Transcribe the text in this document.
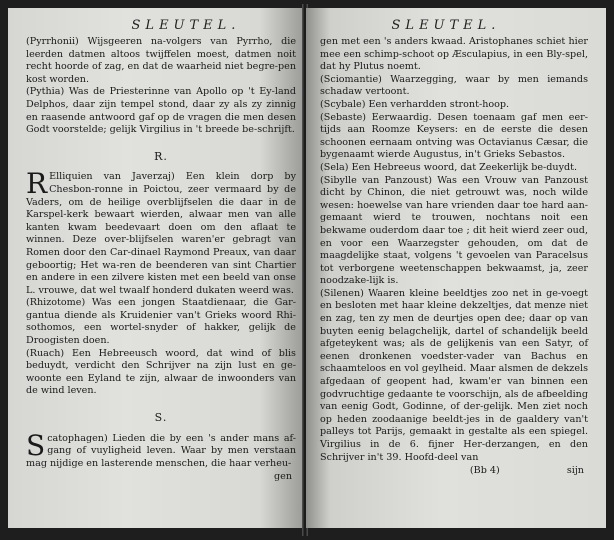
SLEUTEL.

(Pyrrhonii) Wijsgeeren na-volgers van Pyrrho, die leerden datmen altoos twijffelen moest, datmen noit recht hoorde of zag, en dat de waarheid niet begre-pen kost worden.

(Pythia) Was de Priesterinne van Apollo op 't Ey-land Delphos, daar zijn tempel stond, daar zy als zy zinnig en raasende antwoord gaf op de vragen die men desen Godt voorstelde; gelijk Virgilius in 't breede be-schrijft.

R.

R Elliquien van Javerzaj) Een klein dorp by Chesbon-ronne in Poictou, zeer vermaard by de Vaders, om de heilige overblijfselen die daar in de Karspel-kerk bewaart wierden, alwaar men van alle kanten kwam beedevaart doen om den aflaat te winnen. Deze over-blijfselen waren'er gebragt van Romen door den Car-dinael Raymond Preaux, van daar geboortig; Het wa-ren de beenderen van sint Chartier en andere in een zilvere kisten met een beeld van onse L. vrouwe, dat wel twaalf honderd dukaten weerd was.

(Rhizotome) Was een jongen Staatdienaar, die Gar-gantua diende als Kruidenier van't Grieks woord Rhi-sothomos, een wortel-snyder of hakker, gelijk de Droogisten doen.

(Ruach) Een Hebreeusch woord, dat wind of blis beduydt, verdicht den Schrijver na zijn lust en ge-woonte een Eyland te zijn, alwaar de inwoonders van de wind leven.

S.

Scatophagen) Lieden die by een 's ander mans af-gang of vuyligheid leven. Waar by men verstaan mag nijdige en lasterende menschen, die haar verheu-

gen
SLEUTEL.

gen met een 's anders kwaad. Aristophanes schiet hier mee een schimp-schoot op Æsculapius, in een Bly-spel, dat hy Plutus noemt.

(Sciomantie) Waarzegging, waar by men iemands schadaw vertoont.

(Scybale) Een verhardden stront-hoop.

(Sebaste) Eerwaardig. Desen toenaam gaf men eer-tijds aan Roomze Keysers: en de eerste die desen schoonen eernaam ontving was Octavianus Cæsar, die bygenaamt wierde Augustus, in't Grieks Sebastos.

(Sela) Een Hebreeus woord, dat Zeekerlijk be-duydt.

(Sibylle van Panzoust) Was een Vrouw van Panzoust dicht by Chinon, die niet getrouwt was, noch wilde wesen: hoewelse van hare vrienden daar toe hard aan-gemaant wierd te trouwen, nochtans noit een bekwame ouderdom daar toe ; dit heit wierd zeer oud, en voor een Waarzegster gehouden, om dat de maagdelijke staat, volgens 't gevoelen van Paracelsus tot verborgene weetenschappen bekwaamst, ja, zeer noodzake-lijk is.

(Silenen) Waaren kleine beeldtjes zoo net in ge-voegt en besloten met haar kleine dekzeltjes, dat menze niet en zag, ten zy men de deurtjes open dee; daar op van buyten eenig belagchelijk, dartel of schandelijk beeld afgeteykent was; als de gelijkenis van een Satyr, of eenen dronkenen voedster-vader van Bachus en schaamteloos en vol geylheid. Maar alsmen de dekzels afgedaan of geopent had, kwam'er van binnen een godvruchtige gedaante te voorschijn, als de afbeelding van eenig Godt, Godinne, of der-gelijk. Men ziet noch op heden zoodaanige beeldt-jes in de gaaldery van't palleys tot Parijs, gemaakt in gestalte als een spiegel. Virgilius in de 6. fijner Her-derzangen, en den Schrijver in't 39. Hoofd-deel van

(Bb 4)	sijn
